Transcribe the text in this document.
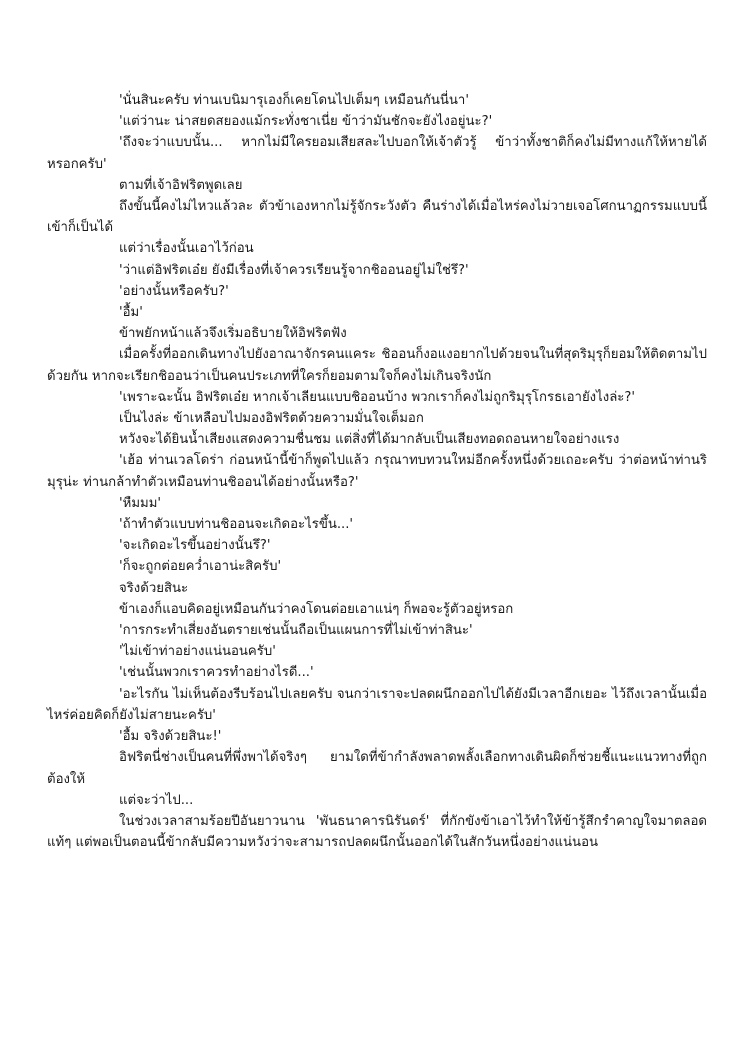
'นั่นสินะครับ ท่านเบนิมารุเองก็เคยโดนไปเต็มๆ เหมือนกันนี่นา'

'แต่ว่านะ น่าสยดสยองแม้กระทั่งชาเนี่ย ข้าว่ามันชักจะยังไงอยู่นะ?'

'ถึงจะว่าแบบนั้น... หากไม่มีใครยอมเสียสละไปบอกให้เจ้าตัวรู้ ข้าว่าทั้งชาติก็คงไม่มีทางแก้ให้หายได้หรอกครับ'

ตามที่เจ้าอิฟริตพูดเลย

ถึงขั้นนี้คงไม่ไหวแล้วละ ตัวข้าเองหากไม่รู้จักระวังตัว คืนร่างได้เมื่อไหร่คงไม่วายเจอโศกนาฏกรรมแบบนี้เข้าก็เป็นได้

แต่ว่าเรื่องนั้นเอาไว้ก่อน

'ว่าแต่อิฟริตเอ๋ย ยังมีเรื่องที่เจ้าควรเรียนรู้จากชิออนอยู่ไม่ใช่รึ?'

'อย่างนั้นหรือครับ?'

'อื้ม'

ข้าพยักหน้าแล้วจึงเริ่มอธิบายให้อิฟริตฟัง

เมื่อครั้งที่ออกเดินทางไปยังอาณาจักรคนแคระ ชิออนก็งอแงอยากไปด้วยจนในที่สุดริมุรุก็ยอมให้ติดตามไปด้วยกัน หากจะเรียกชิออนว่าเป็นคนประเภทที่ใครก็ยอมตามใจก็คงไม่เกินจริงนัก

'เพราะฉะนั้น อิฟริตเอ๋ย หากเจ้าเลียนแบบชิออนบ้าง พวกเราก็คงไม่ถูกริมุรุโกรธเอายังไงล่ะ?'

เป็นไงล่ะ ข้าเหลือบไปมองอิฟริตด้วยความมั่นใจเต็มอก

หวังจะได้ยินน้ำเสียงแสดงความชื่นชม แต่สิ่งที่ได้มากลับเป็นเสียงทอดถอนหายใจอย่างแรง

'เฮ้อ ท่านเวลโดร่า ก่อนหน้านี้ข้าก็พูดไปแล้ว กรุณาทบทวนใหม่อีกครั้งหนึ่งด้วยเถอะครับ ว่าต่อหน้าท่านริมุรุน่ะ ท่านกล้าทำตัวเหมือนท่านชิออนได้อย่างนั้นหรือ?'

'หืมมม'

'ถ้าทำตัวแบบท่านชิออนจะเกิดอะไรขึ้น...'

'จะเกิดอะไรขึ้นอย่างนั้นรึ?'

'ก็จะถูกต่อยคว่ำเอาน่ะสิครับ'

จริงด้วยสินะ

ข้าเองก็แอบคิดอยู่เหมือนกันว่าคงโดนต่อยเอาแน่ๆ ก็พอจะรู้ตัวอยู่หรอก

'การกระทำเสี่ยงอันตรายเช่นนั้นถือเป็นแผนการที่ไม่เข้าท่าสินะ'

'ไม่เข้าท่าอย่างแน่นอนครับ'

'เช่นนั้นพวกเราควรทำอย่างไรดี...'

'อะไรกัน ไม่เห็นต้องรีบร้อนไปเลยครับ จนกว่าเราจะปลดผนึกออกไปได้ยังมีเวลาอีกเยอะ ไว้ถึงเวลานั้นเมื่อไหร่ค่อยคิดก็ยังไม่สายนะครับ'

'อื้ม จริงด้วยสินะ!'

อิฟริตนี่ช่างเป็นคนที่พึ่งพาได้จริงๆ ยามใดที่ข้ากำลังพลาดพลั้งเลือกทางเดินผิดก็ช่วยชี้แนะแนวทางที่ถูกต้องให้

แต่จะว่าไป...

ในช่วงเวลาสามร้อยปีอันยาวนาน 'พันธนาคารนิรันดร์' ที่กักขังข้าเอาไว้ทำให้ข้ารู้สึกรำคาญใจมาตลอดแท้ๆ แต่พอเป็นตอนนี้ข้ากลับมีความหวังว่าจะสามารถปลดผนึกนั้นออกได้ในสักวันหนึ่งอย่างแน่นอน
